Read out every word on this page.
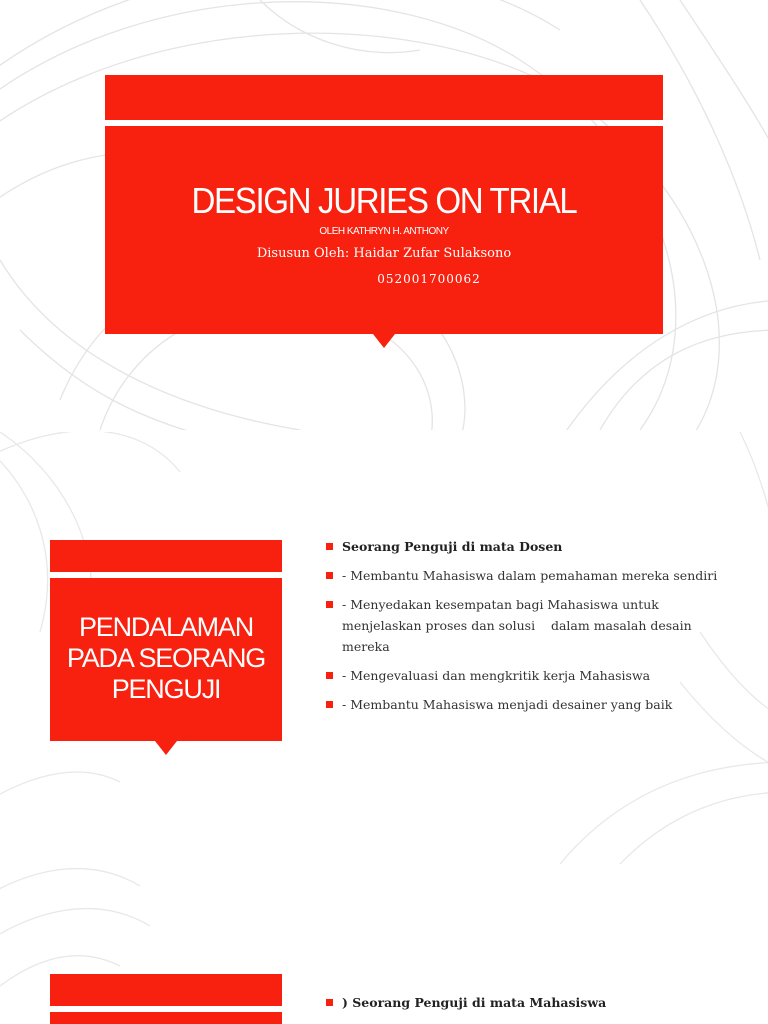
DESIGN JURIES ON TRIAL
OLEH KATHRYN H. ANTHONY
Disusun Oleh: Haidar Zufar Sulaksono
052001700062
PENDALAMAN
PADA SEORANG
PENGUJI
Seorang Penguji di mata Dosen
- Membantu Mahasiswa dalam pemahaman mereka sendiri
- Menyedakan kesempatan bagi Mahasiswa untuk menjelaskan proses dan solusi    dalam masalah desain mereka
- Mengevaluasi dan mengkritik kerja Mahasiswa
- Membantu Mahasiswa menjadi desainer yang baik
) Seorang Penguji di mata Mahasiswa
